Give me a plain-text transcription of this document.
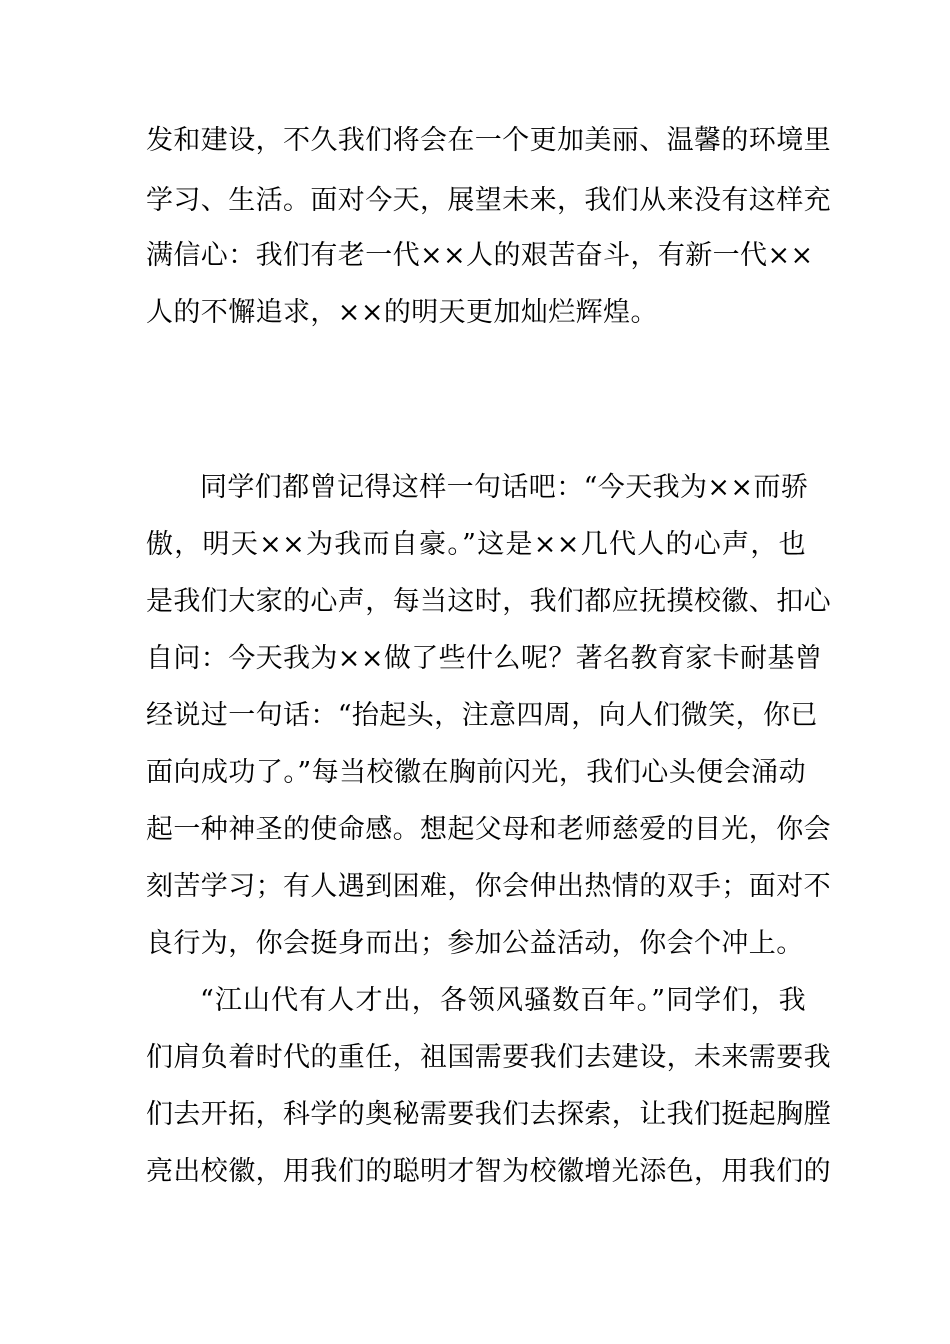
发和建设，不久我们将会在一个更加美丽、温馨的环境里
学习、生活。面对今天，展望未来，我们从来没有这样充
满信心：我们有老一代××人的艰苦奋斗，有新一代××
人的不懈追求，××的明天更加灿烂辉煌。
同学们都曾记得这样一句话吧：“今天我为××而骄
傲，明天××为我而自豪。”这是××几代人的心声，也
是我们大家的心声，每当这时，我们都应抚摸校徽、扣心
自问：今天我为××做了些什么呢？著名教育家卡耐基曾
经说过一句话：“抬起头，注意四周，向人们微笑，你已
面向成功了。”每当校徽在胸前闪光，我们心头便会涌动
起一种神圣的使命感。想起父母和老师慈爱的目光，你会
刻苦学习；有人遇到困难，你会伸出热情的双手；面对不
良行为，你会挺身而出；参加公益活动，你会个冲上。
“江山代有人才出，各领风骚数百年。”同学们，我
们肩负着时代的重任，祖国需要我们去建设，未来需要我
们去开拓，科学的奥秘需要我们去探索，让我们挺起胸膛
亮出校徽，用我们的聪明才智为校徽增光添色，用我们的
